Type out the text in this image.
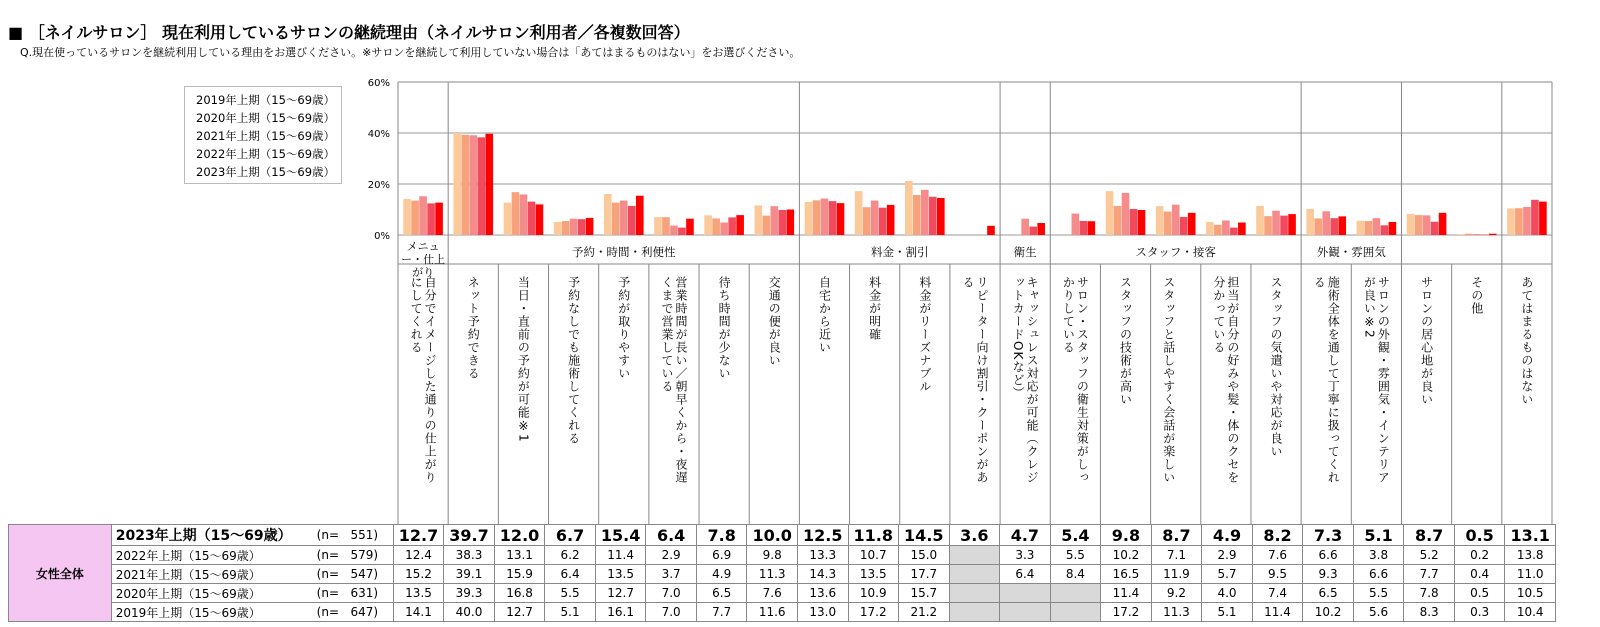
■ ［ネイルサロン］ 現在利用しているサロンの継続理由（ネイルサロン利用者／各複数回答）
Q.現在使っているサロンを継続利用している理由をお選びください。※サロンを継続して利用していない場合は「あてはまるものはない」をお選びください。
0%
20%
40%
60%
自分でイメージした通りの仕上がりにしてくれる	ネット予約できる	当日・直前の予約が可能※1	予約なしでも施術してくれる	予約が取りやすい	営業時間が長い／朝早くから・夜遅くまで営業している	待ち時間が少ない	交通の便が良い	自宅から近い	料金が明確	料金がリーズナブル	リピーター向け割引・クーポンがある	キャッシュレス対応が可能（クレジットカードOKなど）	サロン・スタッフの衛生対策がしっかりしている	スタッフの技術が高い スタッフと話しやすく会話が楽しい	担当が自分の好みや髪・体のクセを分かっている	スタッフの気遣いや対応が良い	施術全体を通して丁寧に扱ってくれる	サロンの外観・雰囲気・インテリアが良い※2	サロンの居心地が良い	その他	あてはまるものはない
メニュー・仕上がり
予約・時間・利便性	料金・割引	衛生	スタッフ・接客	外観・雰囲気
2019年上期（15～69歳）
2020年上期（15～69歳）
2021年上期（15～69歳）
2022年上期（15～69歳）
2023年上期（15～69歳）
女性全体	2023年上期（15～69歳）	(n=   551)	12.7	39.7	12.0	6.7	15.4	6.4	7.8	10.0	12.5	11.8	14.5	3.6	4.7	5.4	9.8	8.7	4.9	8.2	7.3	5.1	8.7	0.5	13.1
	2022年上期（15～69歳）	(n=   579)	12.4	38.3	13.1	6.2	11.4	2.9	6.9	9.8	13.3	10.7	15.0		3.3	5.5	10.2	7.1	2.9	7.6	6.6	3.8	5.2	0.2	13.8
	2021年上期（15～69歳）	(n=   547)	15.2	39.1	15.9	6.4	13.5	3.7	4.9	11.3	14.3	13.5	17.7		6.4	8.4	16.5	11.9	5.7	9.5	9.3	6.6	7.7	0.4	11.0
	2020年上期（15～69歳）	(n=   631)	13.5	39.3	16.8	5.5	12.7	7.0	6.5	7.6	13.6	10.9	15.7				11.4	9.2	4.0	7.4	6.5	5.5	7.8	0.5	10.5
	2019年上期（15～69歳）	(n=   647)	14.1	40.0	12.7	5.1	16.1	7.0	7.7	11.6	13.0	17.2	21.2				17.2	11.3	5.1	11.4	10.2	5.6	8.3	0.3	10.4
